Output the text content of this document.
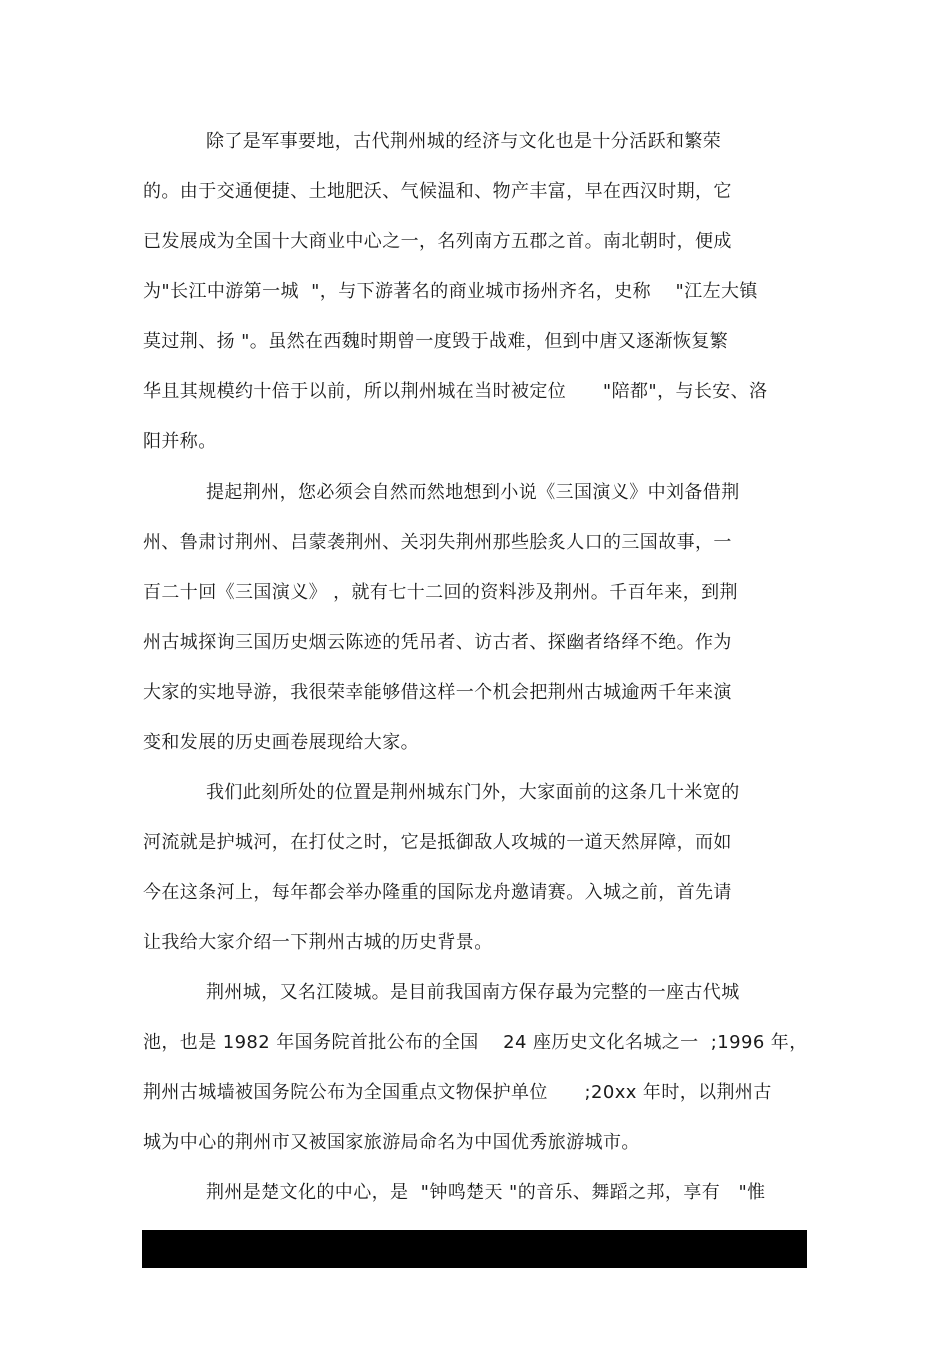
除了是军事要地，古代荆州城的经济与文化也是十分活跃和繁荣
的。由于交通便捷、土地肥沃、气候温和、物产丰富，早在西汉时期，它
已发展成为全国十大商业中心之一，名列南方五郡之首。南北朝时，便成
为"长江中游第一城  "，与下游著名的商业城市扬州齐名，史称    "江左大镇
莫过荆、扬 "。虽然在西魏时期曾一度毁于战难，但到中唐又逐渐恢复繁
华且其规模约十倍于以前，所以荆州城在当时被定位      "陪都"，与长安、洛
阳并称。
提起荆州，您必须会自然而然地想到小说《三国演义》中刘备借荆
州、鲁肃讨荆州、吕蒙袭荆州、关羽失荆州那些脍炙人口的三国故事，一
百二十回《三国演义》 ，就有七十二回的资料涉及荆州。千百年来，到荆
州古城探询三国历史烟云陈迹的凭吊者、访古者、探幽者络绎不绝。作为
大家的实地导游，我很荣幸能够借这样一个机会把荆州古城逾两千年来演
变和发展的历史画卷展现给大家。
我们此刻所处的位置是荆州城东门外，大家面前的这条几十米宽的
河流就是护城河，在打仗之时，它是抵御敌人攻城的一道天然屏障，而如
今在这条河上，每年都会举办隆重的国际龙舟邀请赛。入城之前，首先请
让我给大家介绍一下荆州古城的历史背景。
荆州城，又名江陵城。是目前我国南方保存最为完整的一座古代城
池，也是 1982 年国务院首批公布的全国    24 座历史文化名城之一  ;1996 年，
荆州古城墙被国务院公布为全国重点文物保护单位      ;20xx 年时，以荆州古
城为中心的荆州市又被国家旅游局命名为中国优秀旅游城市。
荆州是楚文化的中心，是  "钟鸣楚天 "的音乐、舞蹈之邦，享有   "惟
